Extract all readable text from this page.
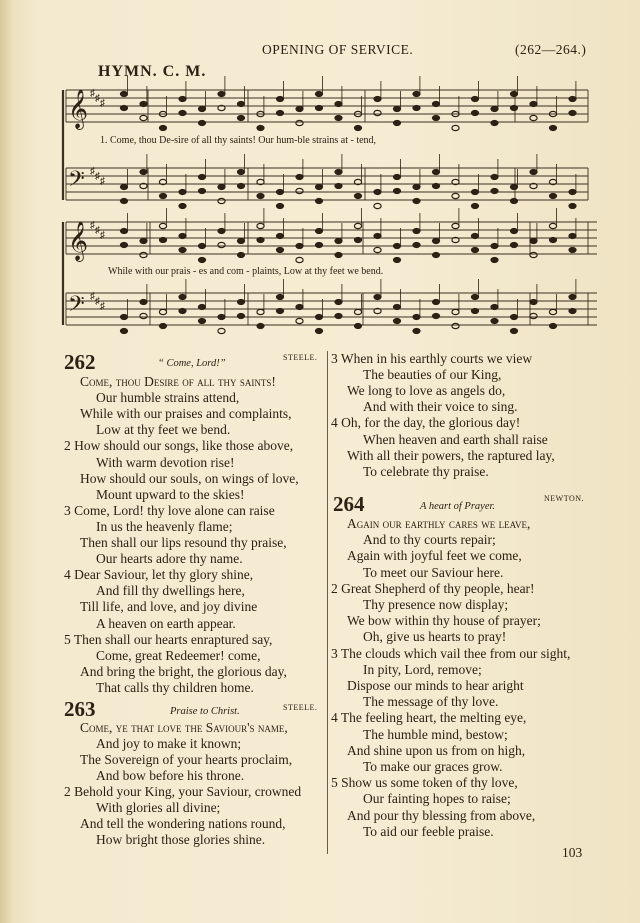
OPENING OF SERVICE.	(262—264.)
HYMN. C. M.
𝄞 ♯ ♯ ♯
𝄢 ♯ ♯ ♯
𝄞 ♯ ♯ ♯
𝄢 ♯ ♯ ♯
1. Come, thou De-sire of all thy saints! Our hum-ble strains at - tend,
While with our prais - es and com - plaints, Low at thy feet we bend.
262	“ Come, Lord!”
STEELE.
Come, thou Desire of all thy saints!
Our humble strains attend,
While with our praises and complaints,
Low at thy feet we bend.
2 How should our songs, like those above,
With warm devotion rise!
How should our souls, on wings of love,
Mount upward to the skies!
3 Come, Lord! thy love alone can raise
In us the heavenly flame;
Then shall our lips resound thy praise,
Our hearts adore thy name.
4 Dear Saviour, let thy glory shine,
And fill thy dwellings here,
Till life, and love, and joy divine
A heaven on earth appear.
5 Then shall our hearts enraptured say,
Come, great Redeemer! come,
And bring the bright, the glorious day,
That calls thy children home.
263	Praise to Christ.	STEELE.
Come, ye that love the Saviour's name,
And joy to make it known;
The Sovereign of your hearts proclaim,
And bow before his throne.
2 Behold your King, your Saviour, crowned
With glories all divine;
And tell the wondering nations round,
How bright those glories shine.
3 When in his earthly courts we view
The beauties of our King,
We long to love as angels do,
And with their voice to sing.
4 Oh, for the day, the glorious day!
When heaven and earth shall raise
With all their powers, the raptured lay,
To celebrate thy praise.
264	A heart of Prayer.
NEWTON.
Again our earthly cares we leave,
And to thy courts repair;
Again with joyful feet we come,
To meet our Saviour here.
2 Great Shepherd of thy people, hear!
Thy presence now display;
We bow within thy house of prayer;
Oh, give us hearts to pray!
3 The clouds which vail thee from our sight,
In pity, Lord, remove;
Dispose our minds to hear aright
The message of thy love.
4 The feeling heart, the melting eye,
The humble mind, bestow;
And shine upon us from on high,
To make our graces grow.
5 Show us some token of thy love,
Our fainting hopes to raise;
And pour thy blessing from above,
To aid our feeble praise.
103
